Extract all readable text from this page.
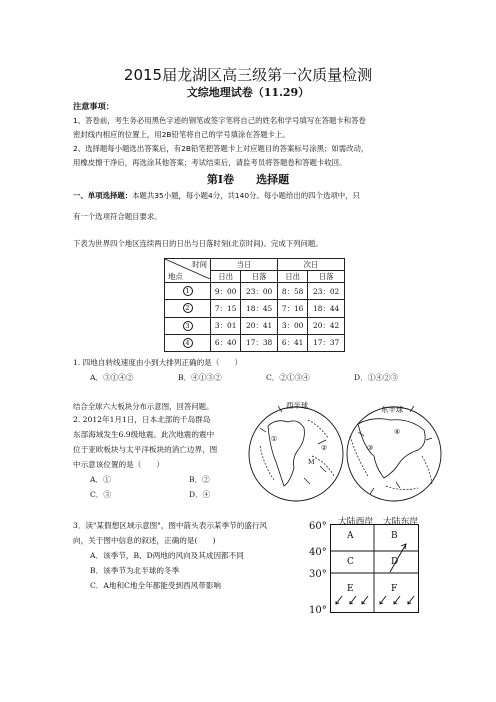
2015届龙湖区高三级第一次质量检测
文综地理试卷（11.29）
注意事项：
1、答卷前，考生务必用黑色字迹的钢笔或签字笔将自己的姓名和学号填写在答题卡和答卷
密封线内相应的位置上，用2B铅笔将自己的学号填涂在答题卡上。
2、选择题每小题选出答案后，有2B铅笔把答题卡上对应题目的答案标号涂黑；如需改动，
用橡皮擦干净后，再选涂其他答案；考试结束后，请监考员将答题卷和答题卡收回。
第Ⅰ卷　　选择题
一、单项选择题：本题共35小题，每小题4分，共140分。每小题给出的四个选项中，只
有一个选项符合题目要求。
下表为世界四个地区连续两日的日出与日落时刻(北京时间)。完成下列问题。
时间
地点	当日		次日	
	日出	日落	日出	日落
1	9：00	23：00	8：58	23：02
2	7：15	18：45	7：16	18：44
3	3：01	20：41	3：00	20：42
4	6：40	17：38	6：41	17：37
1. 四地自转线速度由小到大排列正确的是（　　）
A．③①④②	B．④①③②	C．②①③④	D．①④②③
结合全球六大板块分布示意图，回答问题。
2. 2012年1月1日，日本北部的千岛群岛
东部海域发生6.9级地震。此次地震的震中
位于亚欧板块与太平洋板块的消亡边界，图
中示意该位置的是（　　）
A．①	B．②
C．③	D．④
西半球	东半球
M
①
②	③
④
3．读"某假想区域示意图"，图中箭头表示某季节的盛行风
向，关于图中信息的叙述，正确的是(　　)
A．该季节，B、D两地的风向及其成因都不同
B．该季节为北半球的冬季
C．A地和C地全年都能受到西风带影响
大陆西岸 大陆东岸
60°
40°
30°
10°
A	B
C	D
E	F
